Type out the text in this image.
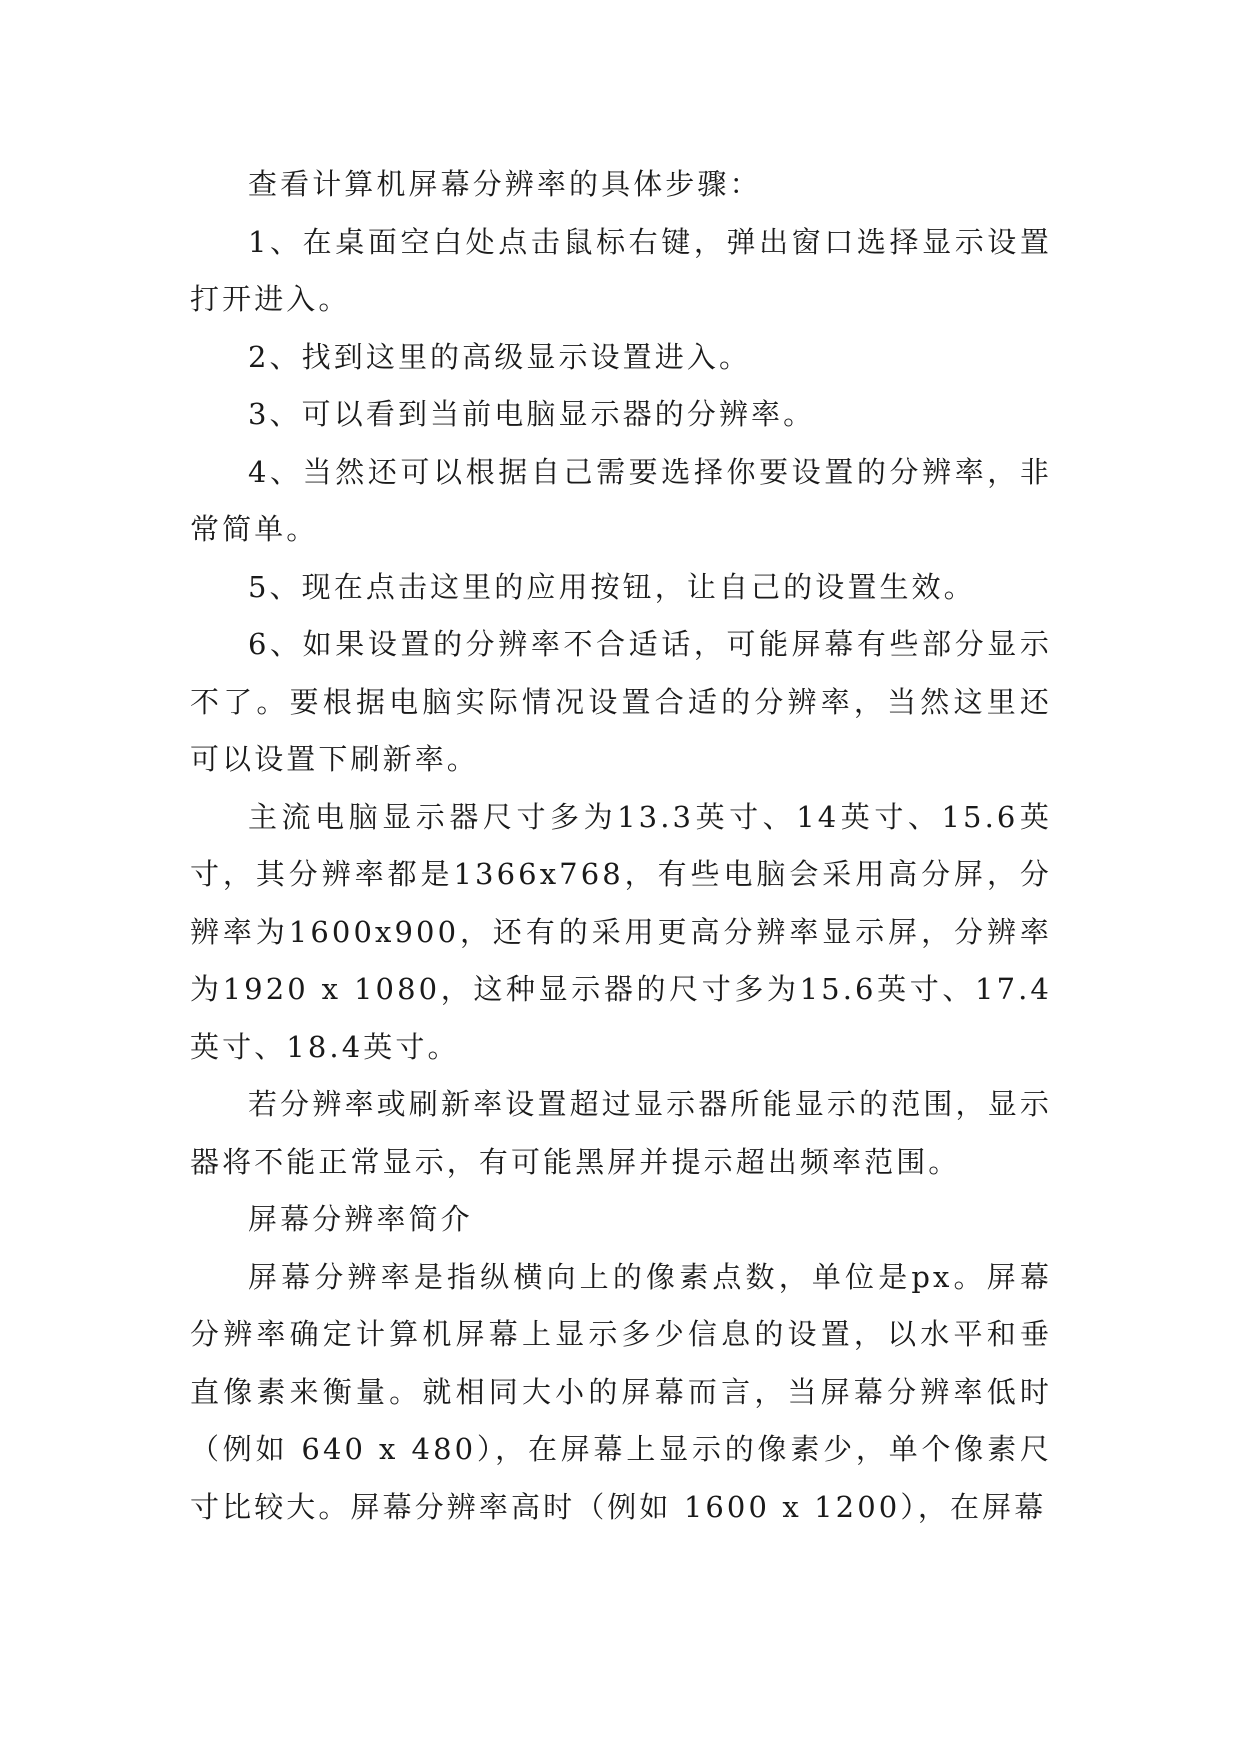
查看计算机屏幕分辨率的具体步骤：

1、在桌面空白处点击鼠标右键，弹出窗口选择显示设置打开进入。

2、找到这里的高级显示设置进入。

3、可以看到当前电脑显示器的分辨率。

4、当然还可以根据自己需要选择你要设置的分辨率，非常简单。

5、现在点击这里的应用按钮，让自己的设置生效。

6、如果设置的分辨率不合适话，可能屏幕有些部分显示不了。要根据电脑实际情况设置合适的分辨率，当然这里还可以设置下刷新率。

主流电脑显示器尺寸多为13.3英寸、14英寸、15.6英寸，其分辨率都是1366x768，有些电脑会采用高分屏，分辨率为1600x900，还有的采用更高分辨率显示屏，分辨率为1920 x 1080，这种显示器的尺寸多为15.6英寸、17.4英寸、18.4英寸。

若分辨率或刷新率设置超过显示器所能显示的范围，显示器将不能正常显示，有可能黑屏并提示超出频率范围。

屏幕分辨率简介

屏幕分辨率是指纵横向上的像素点数，单位是px。屏幕分辨率确定计算机屏幕上显示多少信息的设置，以水平和垂直像素来衡量。就相同大小的屏幕而言，当屏幕分辨率低时（例如 640 x 480），在屏幕上显示的像素少，单个像素尺寸比较大。屏幕分辨率高时（例如 1600 x 1200），在屏幕
